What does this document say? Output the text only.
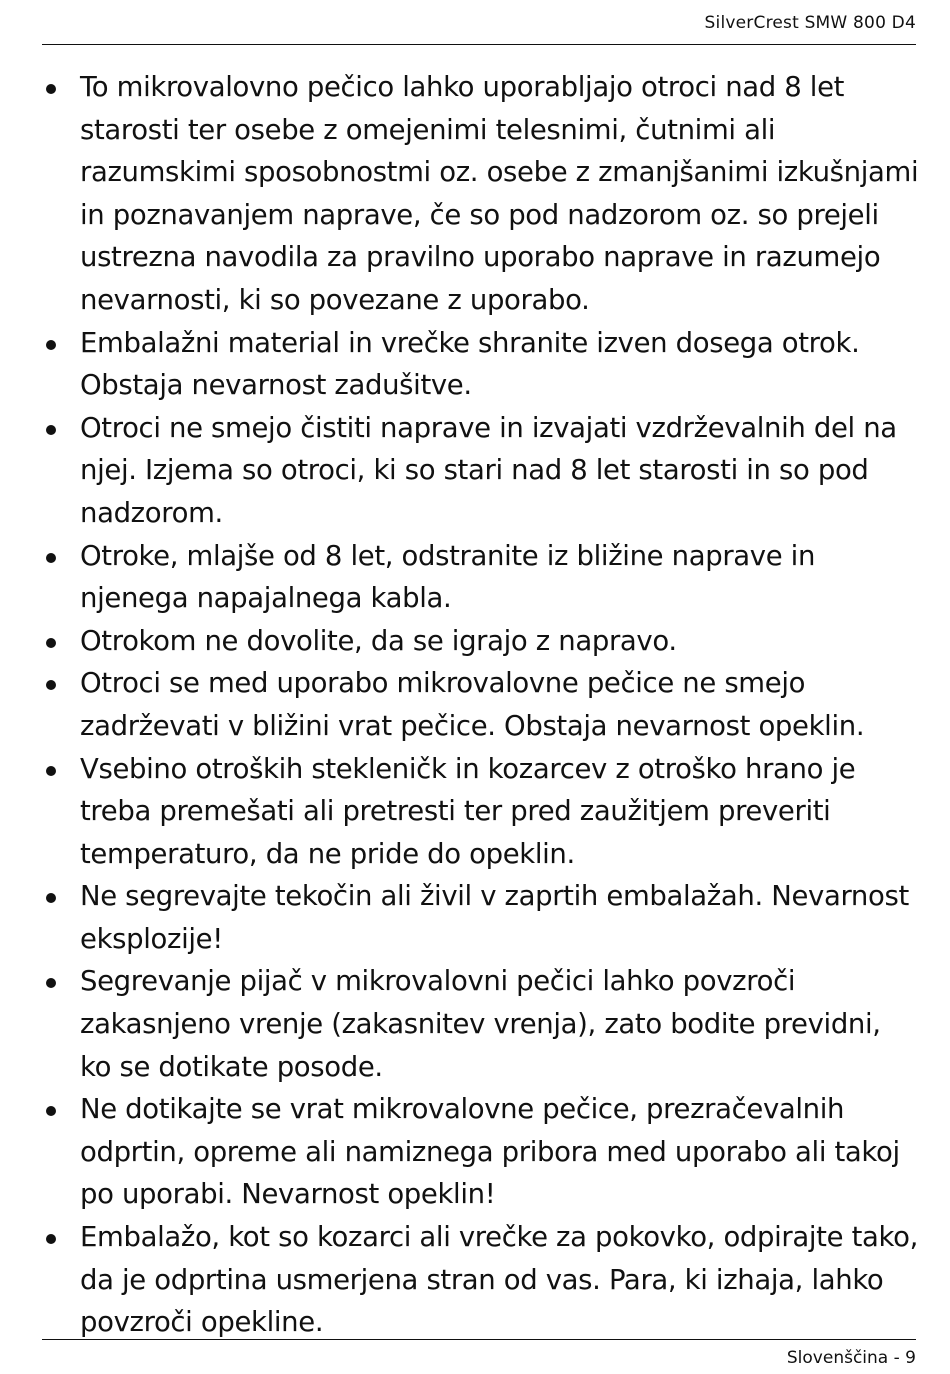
SilverCrest SMW 800 D4
To mikrovalovno pečico lahko uporabljajo otroci nad 8 let starosti ter osebe z omejenimi telesnimi, čutnimi ali razumskimi sposobnostmi oz. osebe z zmanjšanimi izkušnjami in poznavanjem naprave, če so pod nadzorom oz. so prejeli ustrezna navodila za pravilno uporabo naprave in razumejo nevarnosti, ki so povezane z uporabo.
Embalažni material in vrečke shranite izven dosega otrok. Obstaja nevarnost zadušitve.
Otroci ne smejo čistiti naprave in izvajati vzdrževalnih del na njej. Izjema so otroci, ki so stari nad 8 let starosti in so pod nadzorom.
Otroke, mlajše od 8 let, odstranite iz bližine naprave in njenega napajalnega kabla.
Otrokom ne dovolite, da se igrajo z napravo.
Otroci se med uporabo mikrovalovne pečice ne smejo zadrževati v bližini vrat pečice. Obstaja nevarnost opeklin.
Vsebino otroških stekleničk in kozarcev z otroško hrano je treba premešati ali pretresti ter pred zaužitjem preveriti temperaturo, da ne pride do opeklin.
Ne segrevajte tekočin ali živil v zaprtih embalažah. Nevarnost eksplozije!
Segrevanje pijač v mikrovalovni pečici lahko povzroči zakasnjeno vrenje (zakasnitev vrenja), zato bodite previdni, ko se dotikate posode.
Ne dotikajte se vrat mikrovalovne pečice, prezračevalnih odprtin, opreme ali namiznega pribora med uporabo ali takoj po uporabi. Nevarnost opeklin!
Embalažo, kot so kozarci ali vrečke za pokovko, odpirajte tako, da je odprtina usmerjena stran od vas. Para, ki izhaja, lahko povzroči opekline.
Slovenščina - 9
